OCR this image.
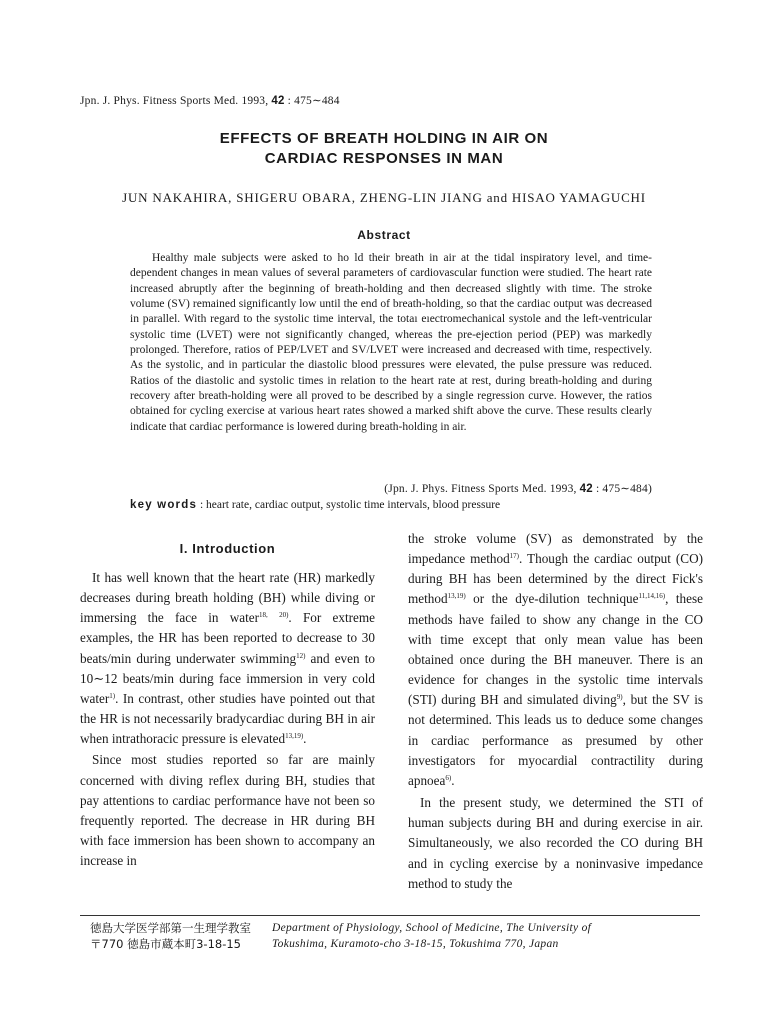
Jpn. J. Phys. Fitness Sports Med. 1993, 42 : 475∼484
EFFECTS OF BREATH HOLDING IN AIR ON
CARDIAC RESPONSES IN MAN
JUN NAKAHIRA, SHIGERU OBARA, ZHENG-LIN JIANG and HISAO YAMAGUCHI
Abstract
Healthy male subjects were asked to ho ld their breath in air at the tidal inspiratory level, and time-dependent changes in mean values of several parameters of cardiovascular function were studied. The heart rate increased abruptly after the beginning of breath-holding and then decreased slightly with time. The stroke volume (SV) remained significantly low until the end of breath-holding, so that the cardiac output was decreased in parallel. With regard to the systolic time interval, the totaı eıectromechanical systole and the left-ventricular systolic time (LVET) were not significantly changed, whereas the pre-ejection period (PEP) was markedly prolonged. Therefore, ratios of PEP/LVET and SV/LVET were increased and decreased with time, respectively. As the systolic, and in particular the diastolic blood pressures were elevated, the pulse pressure was reduced. Ratios of the diastolic and systolic times in relation to the heart rate at rest, during breath-holding and during recovery after breath-holding were all proved to be described by a single regression curve. However, the ratios obtained for cycling exercise at various heart rates showed a marked shift above the curve. These results clearly indicate that cardiac performance is lowered during breath-holding in air.
(Jpn. J. Phys. Fitness Sports Med. 1993, 42 : 475∼484)
key words : heart rate, cardiac output, systolic time intervals, blood pressure
I. Introduction

It has well known that the heart rate (HR) markedly decreases during breath holding (BH) while diving or immersing the face in water$^{18,}$ $^{20)}$. For extreme examples, the HR has been reported to decrease to 30 beats/min during underwater swimming$^{12)}$ and even to 10∼12 beats/min during face immersion in very cold water$^{1)}$. In contrast, other studies have pointed out that the HR is not necessarily bradycardiac during BH in air when intrathoracic pressure is elevated$^{13,19)}$.

Since most studies reported so far are mainly concerned with diving reflex during BH, studies that pay attentions to cardiac performance have not been so frequently reported. The decrease in HR during BH with face immersion has been shown to accompany an increase in

the stroke volume (SV) as demonstrated by the impedance method$^{17)}$. Though the cardiac output (CO) during BH has been determined by the direct Fick's method$^{13,19)}$ or the dye-dilution technique$^{11,14,16)}$, these methods have failed to show any change in the CO with time except that only mean value has been obtained once during the BH maneuver. There is an evidence for changes in the systolic time intervals (STI) during BH and simulated diving$^{9)}$, but the SV is not determined. This leads us to deduce some changes in cardiac performance as presumed by other investigators for myocardial contractility during apnoea$^{6)}$.

In the present study, we determined the STI of human subjects during BH and during exercise in air. Simultaneously, we also recorded the CO during BH and in cycling exercise by a noninvasive impedance method to study the

徳島大学医学部第一生理学教室
〒770 徳島市蔵本町3-18-15
Department of Physiology, School of Medicine, The University of
Tokushima, Kuramoto-cho 3-18-15, Tokushima 770, Japan
